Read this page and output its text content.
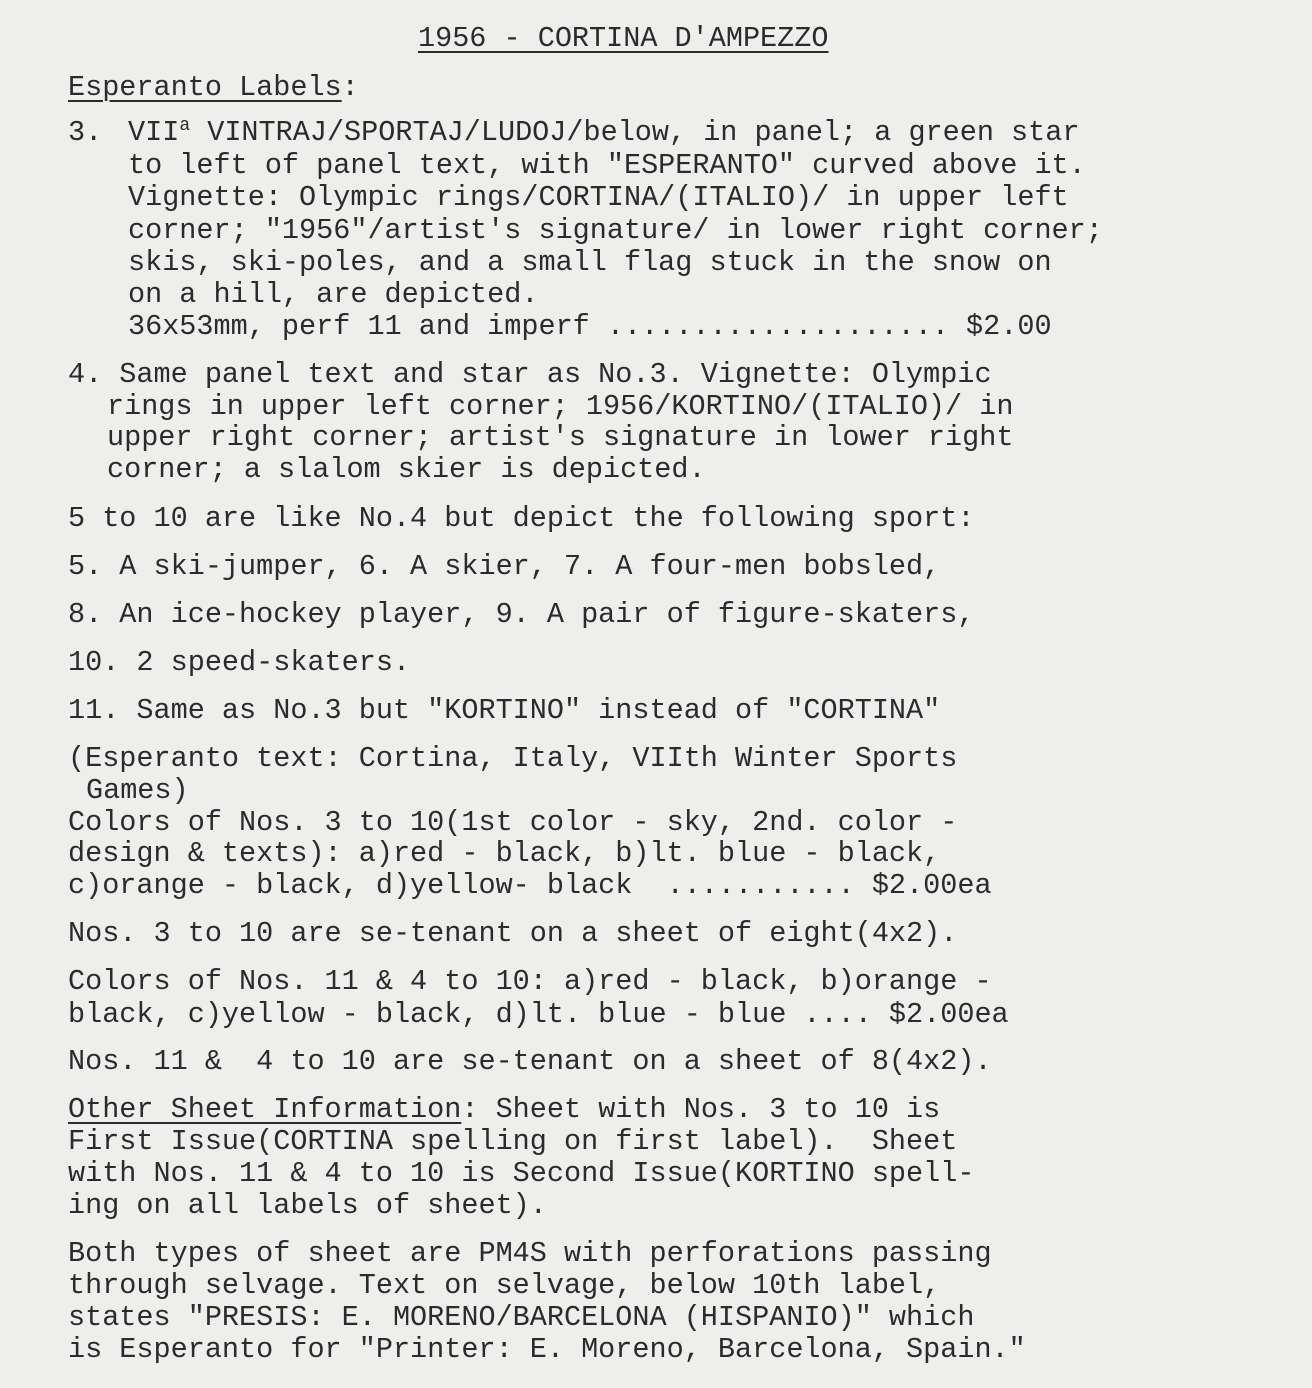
1956 - CORTINA D'AMPEZZO
Esperanto Labels:
3. VII$^a$ VINTRAJ/SPORTAJ/LUDOJ/below, in panel; a green star
to left of panel text, with "ESPERANTO" curved above it.
Vignette: Olympic rings/CORTINA/(ITALIO)/ in upper left
corner; "1956"/artist's signature/ in lower right corner;
skis, ski-poles, and a small flag stuck in the snow on
on a hill, are depicted.
36x53mm, perf 11 and imperf .................... $2.00
4. Same panel text and star as No.3. Vignette: Olympic
rings in upper left corner; 1956/KORTINO/(ITALIO)/ in
upper right corner; artist's signature in lower right
corner; a slalom skier is depicted.
5 to 10 are like No.4 but depict the following sport:
5. A ski-jumper, 6. A skier, 7. A four-men bobsled,
8. An ice-hockey player, 9. A pair of figure-skaters,
10. 2 speed-skaters.
11. Same as No.3 but "KORTINO" instead of "CORTINA"
(Esperanto text: Cortina, Italy, VIIth Winter Sports
Games)
Colors of Nos. 3 to 10(1st color - sky, 2nd. color -
design & texts): a)red - black, b)lt. blue - black,
c)orange - black, d)yellow- black  ........... $2.00ea
Nos. 3 to 10 are se-tenant on a sheet of eight(4x2).
Colors of Nos. 11 & 4 to 10: a)red - black, b)orange -
black, c)yellow - black, d)lt. blue - blue .... $2.00ea
Nos. 11 &  4 to 10 are se-tenant on a sheet of 8(4x2).
Other Sheet Information: Sheet with Nos. 3 to 10 is
First Issue(CORTINA spelling on first label).  Sheet
with Nos. 11 & 4 to 10 is Second Issue(KORTINO spell-
ing on all labels of sheet).
Both types of sheet are PM4S with perforations passing
through selvage. Text on selvage, below 10th label,
states "PRESIS: E. MORENO/BARCELONA (HISPANIO)" which
is Esperanto for "Printer: E. Moreno, Barcelona, Spain."
